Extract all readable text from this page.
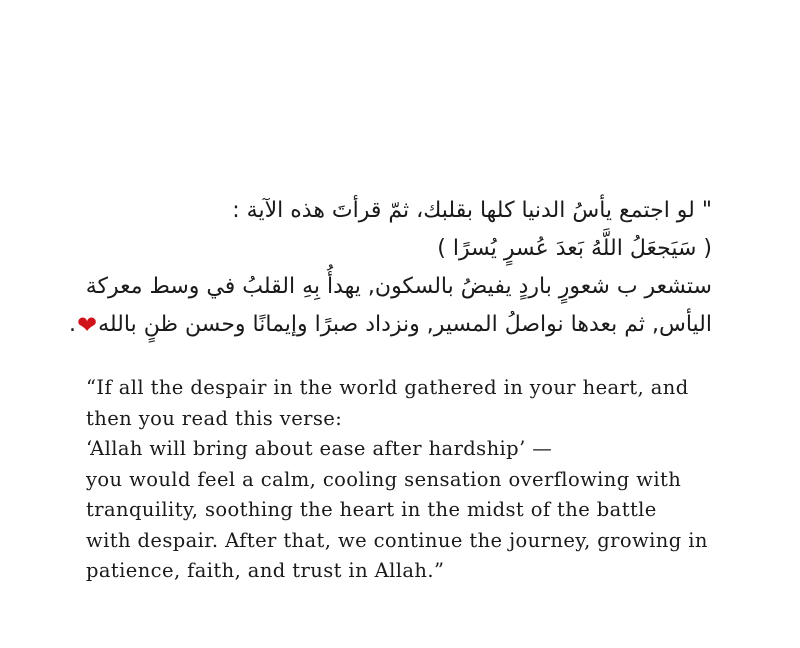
" لو اجتمع يأسُ الدنيا كلها بقلبك، ثمّ قرأتَ هذه الآية :
( سَيَجعَلُ اللَّهُ بَعدَ عُسرٍ يُسرًا )
ستشعر ب شعورٍ باردٍ يفيضُ بالسكون, يهدأُ بِهِ القلبُ في وسط معركة
اليأس, ثم بعدها نواصلُ المسير, ونزداد صبرًا وإيمانًا وحسن ظنٍ بالله❤.
“If all the despair in the world gathered in your heart, and
then you read this verse:
‘Allah will bring about ease after hardship’ —
you would feel a calm, cooling sensation overflowing with
tranquility, soothing the heart in the midst of the battle
with despair. After that, we continue the journey, growing in
patience, faith, and trust in Allah.”
